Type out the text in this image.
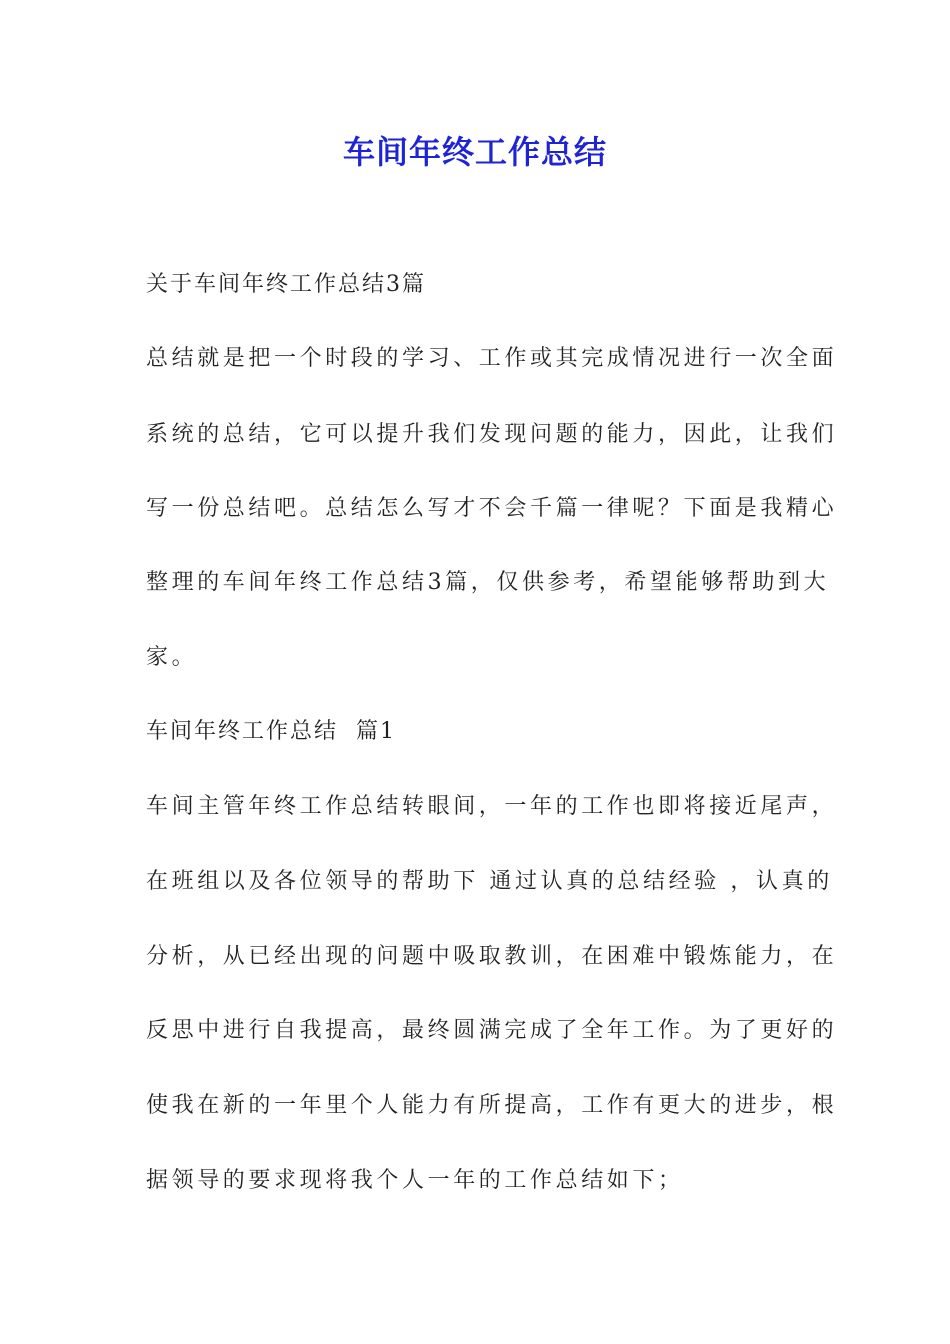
车间年终工作总结
关于车间年终工作总结3篇
总结就是把一个时段的学习、工作或其完成情况进行一次全面
系统的总结，它可以提升我们发现问题的能力，因此，让我们
写一份总结吧。总结怎么写才不会千篇一律呢？下面是我精心
整理的车间年终工作总结3篇，仅供参考，希望能够帮助到大
家。
车间年终工作总结  篇1
车间主管年终工作总结转眼间，一年的工作也即将接近尾声，
在班组以及各位领导的帮助下 通过认真的总结经验 ，认真的
分析，从已经出现的问题中吸取教训，在困难中锻炼能力，在
反思中进行自我提高，最终圆满完成了全年工作。为了更好的
使我在新的一年里个人能力有所提高，工作有更大的进步，根
据领导的要求现将我个人一年的工作总结如下；
